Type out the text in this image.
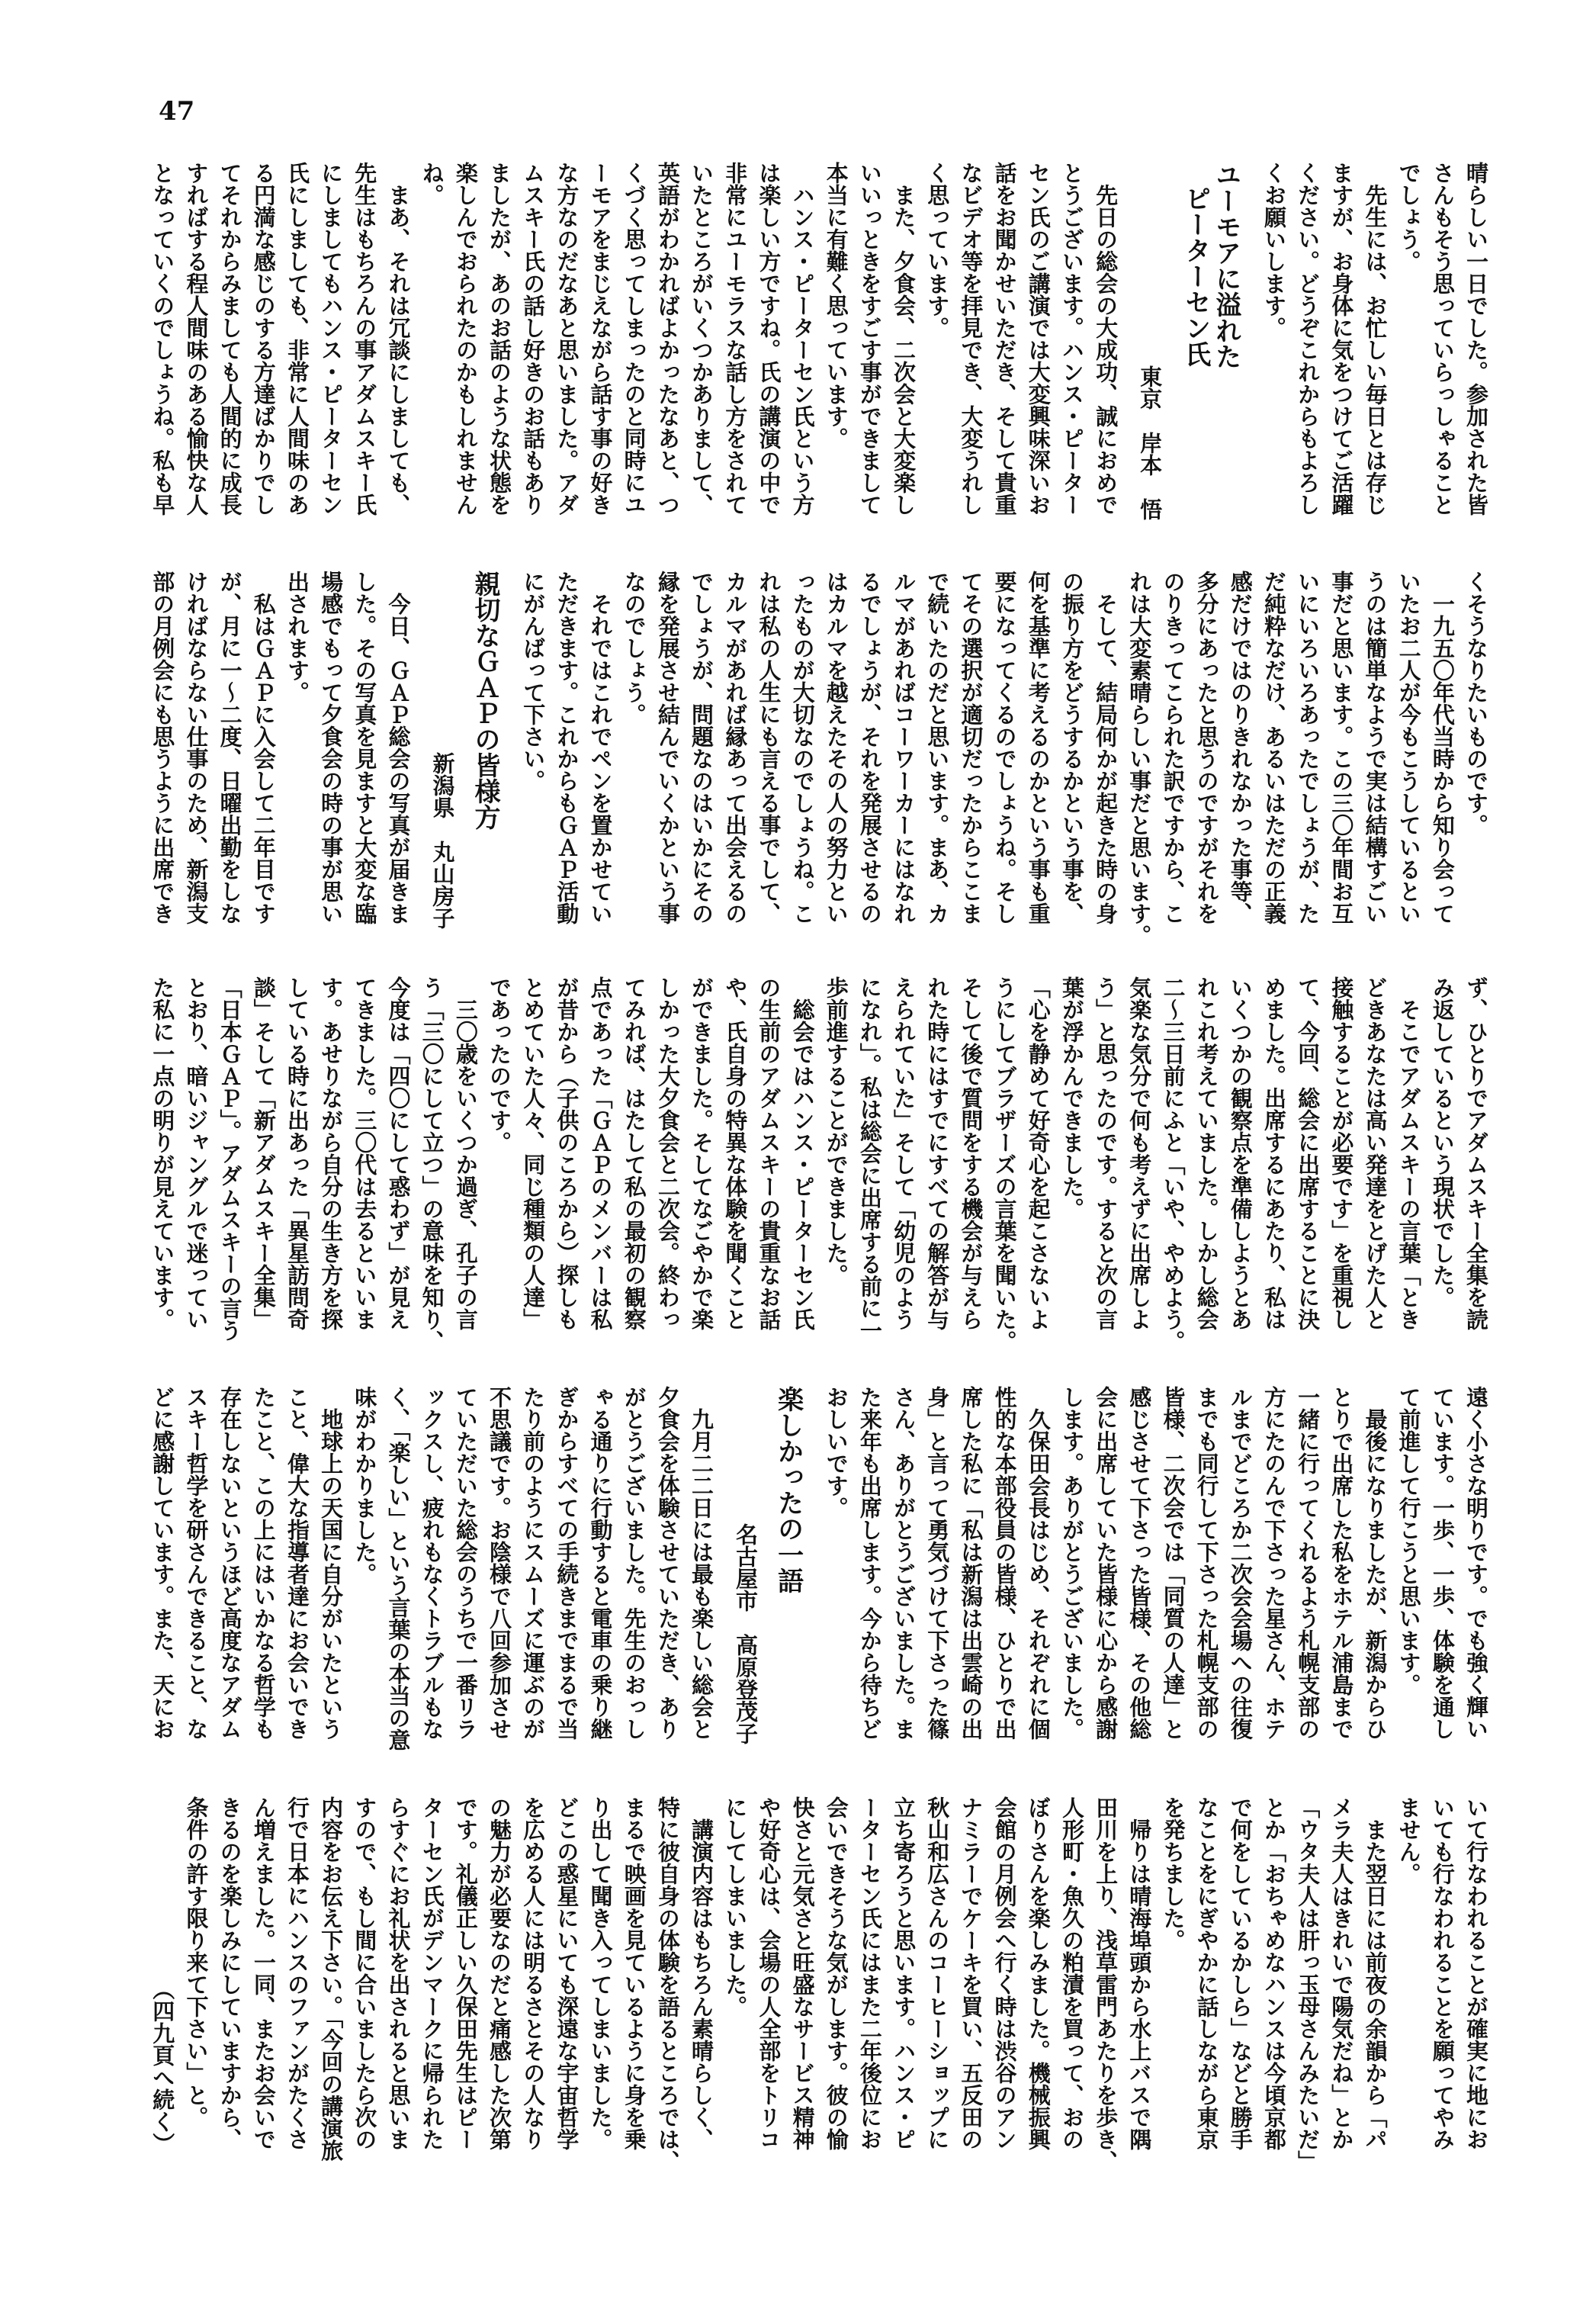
47
晴らしい一日でした。参加された皆
さんもそう思っていらっしゃること
でしょう。
　先生には、お忙しい毎日とは存じ
ますが、お身体に気をつけてご活躍
ください。どうぞこれからもよろし
くお願いします。
ユーモアに溢れた
ピーターセン氏
東京　岸本　悟
　先日の総会の大成功、誠におめで
とうございます。ハンス・ピーター
セン氏のご講演では大変興味深いお
話をお聞かせいただき、そして貴重
なビデオ等を拝見でき、大変うれし
く思っています。
　また、夕食会、二次会と大変楽し
いいっときをすごす事ができまして
本当に有難く思っています。
　ハンス・ピーターセン氏という方
は楽しい方ですね。氏の講演の中で
非常にユーモラスな話し方をされて
いたところがいくつかありまして、
英語がわかればよかったなあと、つ
くづく思ってしまったのと同時にユ
ーモアをまじえながら話す事の好き
な方なのだなあと思いました。アダ
ムスキー氏の話し好きのお話もあり
ましたが、あのお話のような状態を
楽しんでおられたのかもしれません
ね。
　まあ、それは冗談にしましても、
先生はもちろんの事アダムスキー氏
にしましてもハンス・ピーターセン
氏にしましても、非常に人間味のあ
る円満な感じのする方達ばかりでし
てそれからみましても人間的に成長
すればする程人間味のある愉快な人
となっていくのでしょうね。私も早
くそうなりたいものです。
　一九五〇年代当時から知り会って
いたお二人が今もこうしているとい
うのは簡単なようで実は結構すごい
事だと思います。この三〇年間お互
いにいろいろあったでしょうが、た
だ純粋なだけ、あるいはただの正義
感だけではのりきれなかった事等、
多分にあったと思うのですがそれを
のりきってこられた訳ですから、こ
れは大変素晴らしい事だと思います。
　そして、結局何かが起きた時の身
の振り方をどうするかという事を、
何を基準に考えるのかという事も重
要になってくるのでしょうね。そし
てその選択が適切だったからここま
で続いたのだと思います。まあ、カ
ルマがあればコーワーカーにはなれ
るでしょうが、それを発展させるの
はカルマを越えたその人の努力とい
ったものが大切なのでしょうね。こ
れは私の人生にも言える事でして、
カルマがあれば縁あって出会えるの
でしょうが、問題なのはいかにその
縁を発展させ結んでいくかという事
なのでしょう。
　それではこれでペンを置かせてい
ただきます。これからもＧＡＰ活動
にがんばって下さい。
親切なＧＡＰの皆様方
新潟県　丸山房子
　今日、ＧＡＰ総会の写真が届きま
した。その写真を見ますと大変な臨
場感でもって夕食会の時の事が思い
出されます。
　私はＧＡＰに入会して二年目です
が、月に一〜二度、日曜出勤をしな
ければならない仕事のため、新潟支
部の月例会にも思うように出席でき
ず、ひとりでアダムスキー全集を読
み返しているという現状でした。
　そこでアダムスキーの言葉「とき
どきあなたは高い発達をとげた人と
接触することが必要です」を重視し
て、今回、総会に出席することに決
めました。出席するにあたり、私は
いくつかの観察点を準備しようとあ
れこれ考えていました。しかし総会
二〜三日前にふと「いや、やめよう。
気楽な気分で何も考えずに出席しよ
う」と思ったのです。すると次の言
葉が浮かんできました。
「心を静めて好奇心を起こさないよ
うにしてブラザーズの言葉を聞いた。
そして後で質問をする機会が与えら
れた時にはすでにすべての解答が与
えられていた」そして「幼児のよう
になれ」。私は総会に出席する前に一
歩前進することができました。
　総会ではハンス・ピーターセン氏
の生前のアダムスキーの貴重なお話
や、氏自身の特異な体験を聞くこと
ができました。そしてなごやかで楽
しかった大夕食会と二次会。終わっ
てみれば、はたして私の最初の観察
点であった「ＧＡＰのメンバーは私
が昔から（子供のころから）探しも
とめていた人々、同じ種類の人達」
であったのです。
　三〇歳をいくつか過ぎ、孔子の言
う「三〇にして立つ」の意味を知り、
今度は「四〇にして惑わず」が見え
てきました。三〇代は去るといいま
す。あせりながら自分の生き方を探
している時に出あった「異星訪問奇
談」そして「新アダムスキー全集」
「日本ＧＡＰ」。アダムスキーの言う
とおり、暗いジャングルで迷ってい
た私に一点の明りが見えています。
遠く小さな明りです。でも強く輝い
ています。一歩、一歩、体験を通し
て前進して行こうと思います。
　最後になりましたが、新潟からひ
とりで出席した私をホテル浦島まで
一緒に行ってくれるよう札幌支部の
方にたのんで下さった星さん、ホテ
ルまでどころか二次会会場への往復
までも同行して下さった札幌支部の
皆様、二次会では「同質の人達」と
感じさせて下さった皆様、その他総
会に出席していた皆様に心から感謝
します。ありがとうございました。
　久保田会長はじめ、それぞれに個
性的な本部役員の皆様、ひとりで出
席した私に「私は新潟は出雲崎の出
身」と言って勇気づけて下さった篠
さん、ありがとうございました。ま
た来年も出席します。今から待ちど
おしいです。
楽しかったの一語
名古屋市　高原登茂子
　九月二二日には最も楽しい総会と
夕食会を体験させていただき、あり
がとうございました。先生のおっし
ゃる通りに行動すると電車の乗り継
ぎからすべての手続きまでまるで当
たり前のようにスムーズに運ぶのが
不思議です。お陰様で八回参加させ
ていただいた総会のうちで一番リラ
ックスし、疲れもなくトラブルもな
く、「楽しい」という言葉の本当の意
味がわかりました。
　地球上の天国に自分がいたという
こと、偉大な指導者達にお会いでき
たこと、この上にはいかなる哲学も
存在しないというほど高度なアダム
スキー哲学を研さんできること、な
どに感謝しています。また、天にお
いて行なわれることが確実に地にお
いても行なわれることを願ってやみ
ません。
　また翌日には前夜の余韻から「パ
メラ夫人はきれいで陽気だね」とか
「ウタ夫人は肝っ玉母さんみたいだ」
とか「おちゃめなハンスは今頃京都
で何をしているかしら」などと勝手
なことをにぎやかに話しながら東京
を発ちました。
　帰りは晴海埠頭から水上バスで隅
田川を上り、浅草雷門あたりを歩き、
人形町・魚久の粕漬を買って、おの
ぼりさんを楽しみました。機械振興
会館の月例会へ行く時は渋谷のアン
ナミラーでケーキを買い、五反田の
秋山和広さんのコーヒーショップに
立ち寄ろうと思います。ハンス・ピ
ーターセン氏にはまた二年後位にお
会いできそうな気がします。彼の愉
快さと元気さと旺盛なサービス精神
や好奇心は、会場の人全部をトリコ
にしてしまいました。
　講演内容はもちろん素晴らしく、
特に彼自身の体験を語るところでは、
まるで映画を見ているように身を乗
り出して聞き入ってしまいました。
どこの惑星にいても深遠な宇宙哲学
を広める人には明るさとその人なり
の魅力が必要なのだと痛感した次第
です。礼儀正しい久保田先生はピー
ターセン氏がデンマークに帰られた
らすぐにお礼状を出されると思いま
すので、もし間に合いましたら次の
内容をお伝え下さい。「今回の講演旅
行で日本にハンスのファンがたくさ
ん増えました。一同、またお会いで
きるのを楽しみにしていますから、
条件の許す限り来て下さい」と。
（四九頁へ続く）
